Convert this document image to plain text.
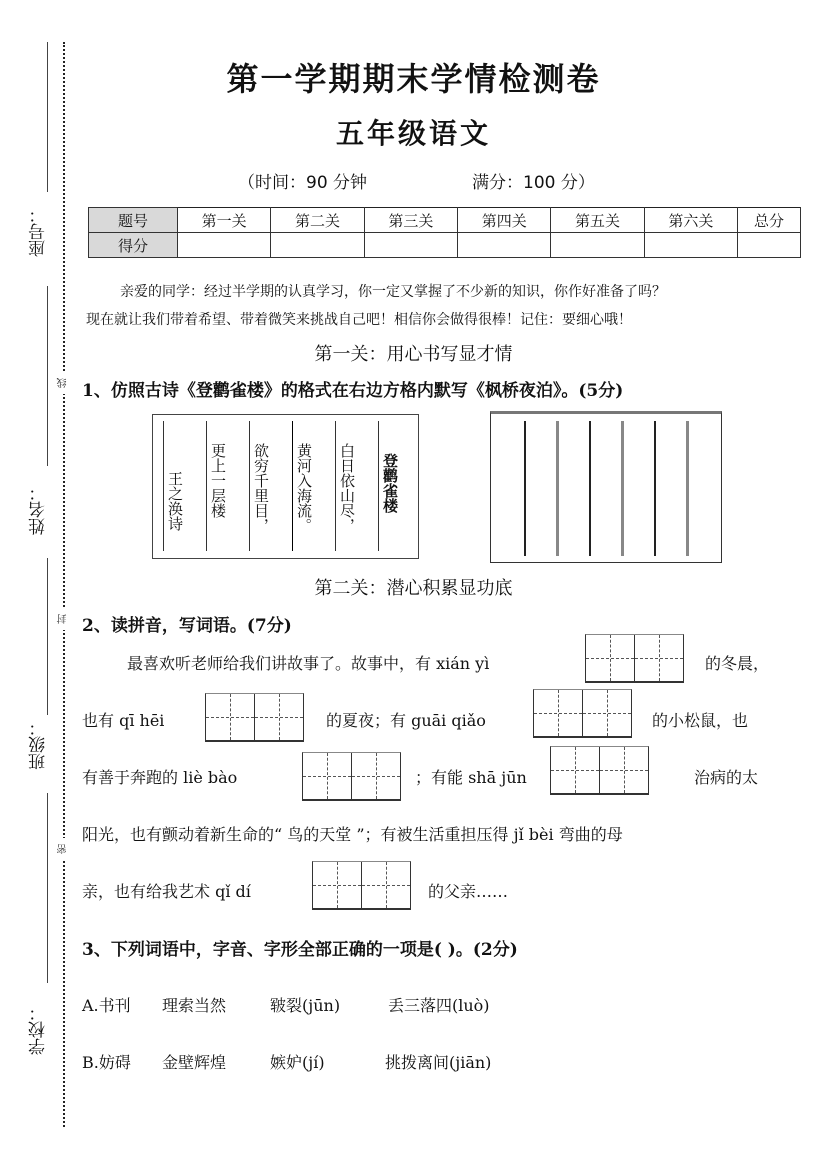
座号：
线
姓名：
封
班级：
密
学校：
第一学期期末学情检测卷
五年级语文
（时间：90 分钟	满分：100 分）
题号	第一关	第二关	第三关	第四关	第五关	第六关	总分
得分							
亲爱的同学：经过半学期的认真学习，你一定又掌握了不少新的知识，你作好准备了吗？
现在就让我们带着希望、带着微笑来挑战自己吧！相信你会做得很棒！记住：要细心哦！
第一关：用心书写显才情
1、仿照古诗《登鹳雀楼》的格式在右边方格内默写《枫桥夜泊》。(5分)
登鹳雀楼
白日依山尽，
黄河入海流。
欲穷千里目，
更上一层楼
王之涣诗
第二关：潜心积累显功底
2、读拼音，写词语。(7分)
最喜欢听老师给我们讲故事了。故事中，有 xián yì	的冬晨，
也有 qī hēi	的夏夜；有 guāi qiǎo	的小松鼠，也
有善于奔跑的 liè bào	；有能 shā jūn	治病的太
阳光，也有颤动着新生命的“ 鸟的天堂 ”；有被生活重担压得 jǐ bèi 弯曲的母
亲，也有给我艺术 qǐ dí	的父亲……
3、下列词语中，字音、字形全部正确的一项是( )。(2分)
A.书刊 理索当然	皲裂(jūn)	丢三落四(luò)
B.妨碍 金壁辉煌	嫉妒(jí)	挑拨离间(jiān)
